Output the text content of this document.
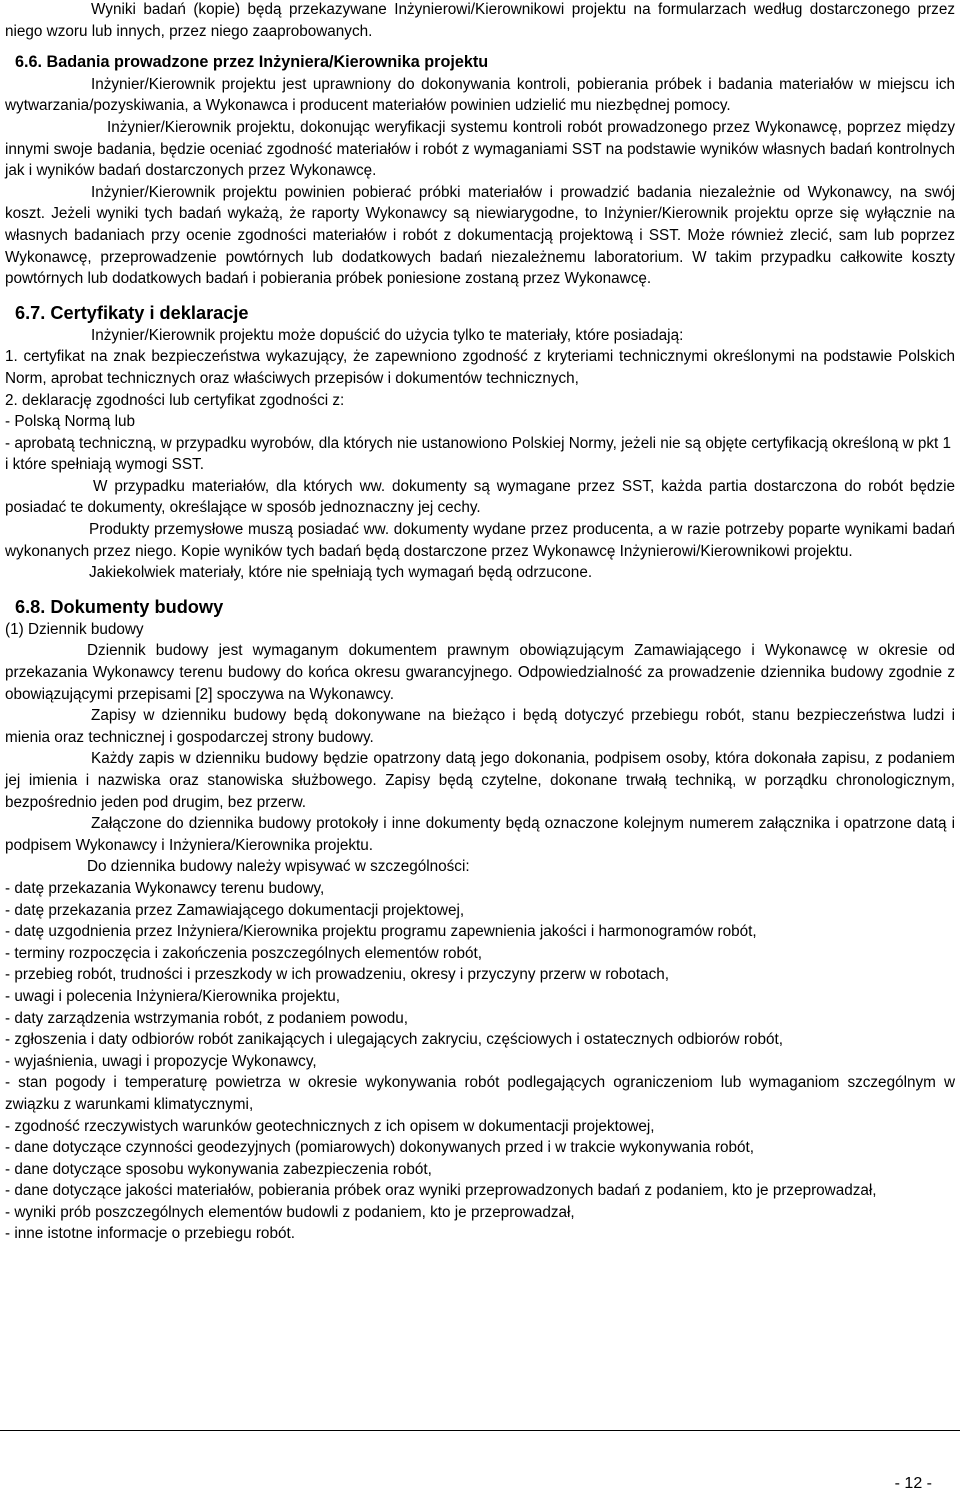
Wyniki badań (kopie) będą przekazywane Inżynierowi/Kierownikowi projektu na formularzach według dostarczonego przez niego wzoru lub innych, przez niego zaaprobowanych.

6.6. Badania prowadzone przez Inżyniera/Kierownika projektu

Inżynier/Kierownik projektu jest uprawniony do dokonywania kontroli, pobierania próbek i badania materiałów w miejscu ich wytwarzania/pozyskiwania, a Wykonawca i producent materiałów powinien udzielić mu niezbędnej pomocy.

Inżynier/Kierownik projektu, dokonując weryfikacji systemu kontroli robót prowadzonego przez Wykonawcę, poprzez między innymi swoje badania, będzie oceniać zgodność materiałów i robót z wymaganiami SST na podstawie wyników własnych badań kontrolnych jak i wyników badań dostarczonych przez Wykonawcę.

Inżynier/Kierownik projektu powinien pobierać próbki materiałów i prowadzić badania niezależnie od Wykonawcy, na swój koszt. Jeżeli wyniki tych badań wykażą, że raporty Wykonawcy są niewiarygodne, to Inżynier/Kierownik projektu oprze się wyłącznie na własnych badaniach przy ocenie zgodności materiałów i robót z dokumentacją projektową i SST. Może również zlecić, sam lub poprzez Wykonawcę, przeprowadzenie powtórnych lub dodatkowych badań niezależnemu laboratorium. W takim przypadku całkowite koszty powtórnych lub dodatkowych badań i pobierania próbek poniesione zostaną przez Wykonawcę.

6.7. Certyfikaty i deklaracje

Inżynier/Kierownik projektu może dopuścić do użycia tylko te materiały, które posiadają:

1. certyfikat na znak bezpieczeństwa wykazujący, że zapewniono zgodność z kryteriami technicznymi określonymi na podstawie Polskich Norm, aprobat technicznych oraz właściwych przepisów i dokumentów technicznych,

2. deklarację zgodności lub certyfikat zgodności z:

- Polską Normą lub

- aprobatą techniczną, w przypadku wyrobów, dla których nie ustanowiono Polskiej Normy, jeżeli nie są objęte certyfikacją określoną w pkt 1

i które spełniają wymogi SST.

W przypadku materiałów, dla których ww. dokumenty są wymagane przez SST, każda partia dostarczona do robót będzie posiadać te dokumenty, określające w sposób jednoznaczny jej cechy.

Produkty przemysłowe muszą posiadać ww. dokumenty wydane przez producenta, a w razie potrzeby poparte wynikami badań wykonanych przez niego. Kopie wyników tych badań będą dostarczone przez Wykonawcę Inżynierowi/Kierownikowi projektu.

Jakiekolwiek materiały, które nie spełniają tych wymagań będą odrzucone.

6.8. Dokumenty budowy

(1) Dziennik budowy

Dziennik budowy jest wymaganym dokumentem prawnym obowiązującym Zamawiającego i Wykonawcę w okresie od przekazania Wykonawcy terenu budowy do końca okresu gwarancyjnego. Odpowiedzialność za prowadzenie dziennika budowy zgodnie z obowiązującymi przepisami [2] spoczywa na Wykonawcy.

Zapisy w dzienniku budowy będą dokonywane na bieżąco i będą dotyczyć przebiegu robót, stanu bezpieczeństwa ludzi i mienia oraz technicznej i gospodarczej strony budowy.

Każdy zapis w dzienniku budowy będzie opatrzony datą jego dokonania, podpisem osoby, która dokonała zapisu, z podaniem jej imienia i nazwiska oraz stanowiska służbowego. Zapisy będą czytelne, dokonane trwałą techniką, w porządku chronologicznym, bezpośrednio jeden pod drugim, bez przerw.

Załączone do dziennika budowy protokoły i inne dokumenty będą oznaczone kolejnym numerem załącznika i opatrzone datą i podpisem Wykonawcy i Inżyniera/Kierownika projektu.

Do dziennika budowy należy wpisywać w szczególności:

- datę przekazania Wykonawcy terenu budowy,

- datę przekazania przez Zamawiającego dokumentacji projektowej,

- datę uzgodnienia przez Inżyniera/Kierownika projektu programu zapewnienia jakości i harmonogramów robót,

- terminy rozpoczęcia i zakończenia poszczególnych elementów robót,

- przebieg robót, trudności i przeszkody w ich prowadzeniu, okresy i przyczyny przerw w robotach,

- uwagi i polecenia Inżyniera/Kierownika projektu,

- daty zarządzenia wstrzymania robót, z podaniem powodu,

- zgłoszenia i daty odbiorów robót zanikających i ulegających zakryciu, częściowych i ostatecznych odbiorów robót,

- wyjaśnienia, uwagi i propozycje Wykonawcy,

- stan pogody i temperaturę powietrza w okresie wykonywania robót podlegających ograniczeniom lub wymaganiom szczególnym w związku z warunkami klimatycznymi,

- zgodność rzeczywistych warunków geotechnicznych z ich opisem w dokumentacji projektowej,

- dane dotyczące czynności geodezyjnych (pomiarowych) dokonywanych przed i w trakcie wykonywania robót,

- dane dotyczące sposobu wykonywania zabezpieczenia robót,

- dane dotyczące jakości materiałów, pobierania próbek oraz wyniki przeprowadzonych badań z podaniem, kto je przeprowadzał,

- wyniki prób poszczególnych elementów budowli z podaniem, kto je przeprowadzał,

- inne istotne informacje o przebiegu robót.

- 12 -
